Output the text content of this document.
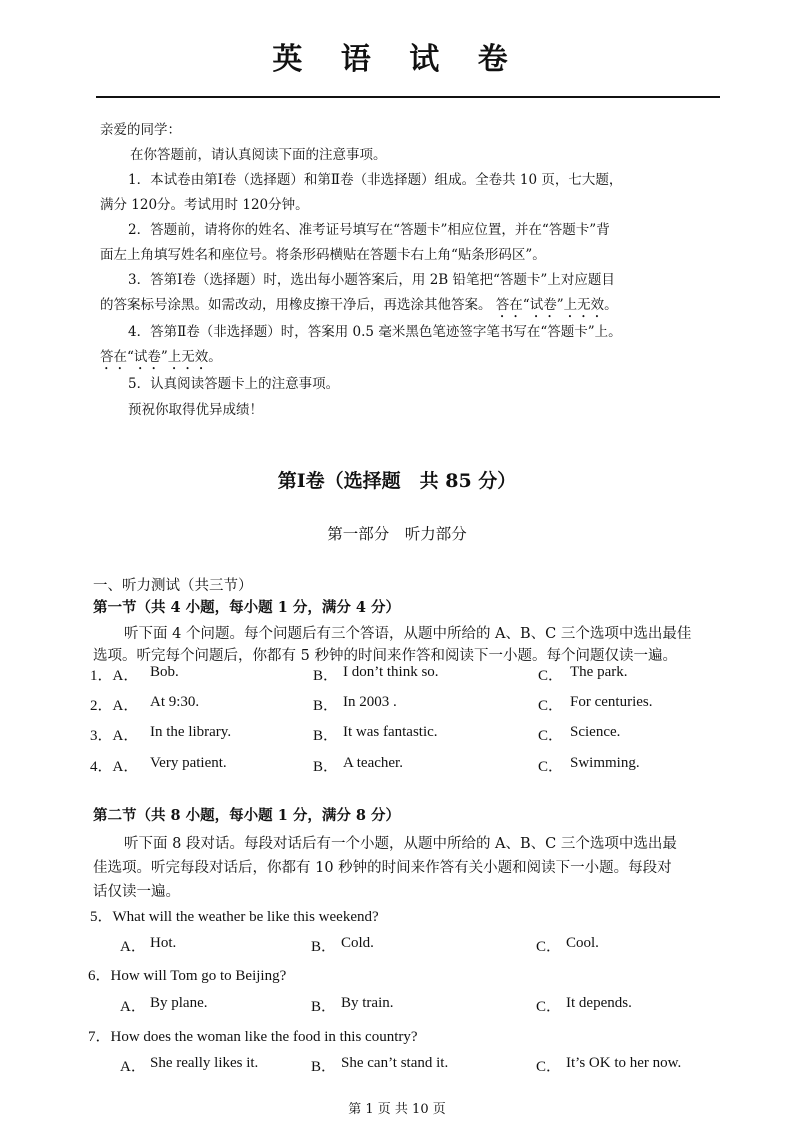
英 语 试 卷
亲爱的同学：
在你答题前，请认真阅读下面的注意事项。
1．本试卷由第Ⅰ卷（选择题）和第Ⅱ卷（非选择题）组成。全卷共 10 页，七大题，
满分 120分。考试用时 120分钟。
2．答题前，请将你的姓名、准考证号填写在“答题卡”相应位置，并在“答题卡”背
面左上角填写姓名和座位号。将条形码横贴在答题卡右上角“贴条形码区”。
3．答第Ⅰ卷（选择题）时，选出每小题答案后，用 2B 铅笔把“答题卡”上对应题目
的答案标号涂黑。如需改动，用橡皮擦干净后，再选涂其他答案。 答在“试卷”上无效。
4．答第Ⅱ卷（非选择题）时，答案用 0.5 毫米黑色笔迹签字笔书写在“答题卡”上。
答在“试卷”上无效。
5．认真阅读答题卡上的注意事项。
预祝你取得优异成绩！
第Ⅰ卷（选择题　共 85 分）
第一部分　听力部分
一、听力测试（共三节）
第一节（共 4 小题，每小题 1 分，满分 4 分）
听下面 4 个问题。每个问题后有三个答语，从题中所给的 A、B、C 三个选项中选出最佳
选项。听完每个问题后，你都有 5 秒钟的时间来作答和阅读下一小题。每个问题仅读一遍。
1．A． Bob.	B． I don’t think so.	C． The park.
2．A． At 9:30.	B． In 2003 .	C． For centuries.
3．A． In the library.	B． It was fantastic.	C． Science.
4．A． Very patient.	B． A teacher.	C． Swimming.
第二节（共 8 小题，每小题 1 分，满分 8 分）
听下面 8 段对话。每段对话后有一个小题，从题中所给的 A、B、C 三个选项中选出最
佳选项。听完每段对话后，你都有 10 秒钟的时间来作答有关小题和阅读下一小题。每段对
话仅读一遍。
5．What will the weather be like this weekend?
A． Hot.	B． Cold.	C． Cool.
6．How will Tom go to Beijing?
A． By plane.	B． By train.	C． It depends.
7．How does the woman like the food in this country?
A． She really likes it.	B． She can’t stand it.	C． It’s OK to her now.
第 1 页 共 10 页
